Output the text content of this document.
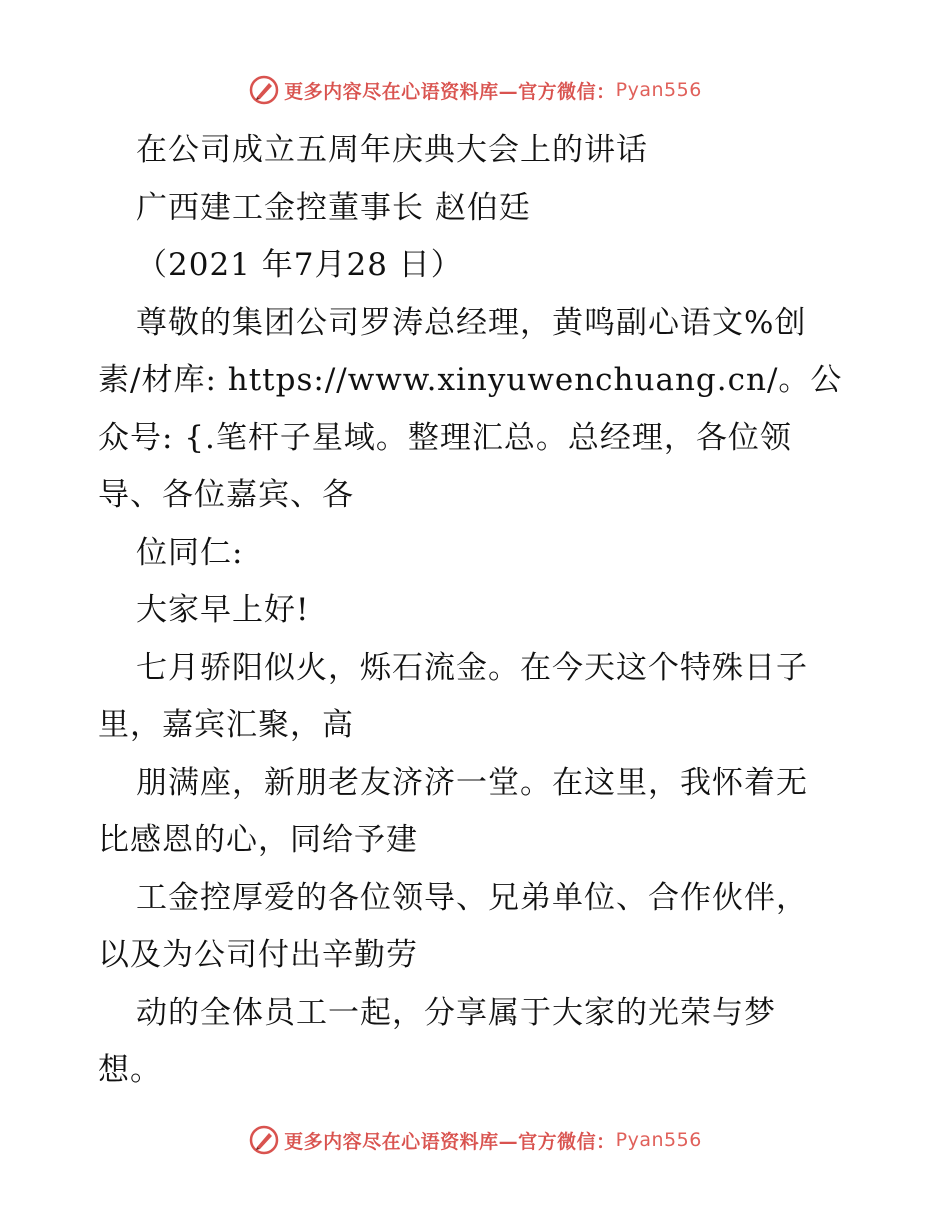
更多内容尽在心语资料库—官方微信： Pyan556
在公司成立五周年庆典大会上的讲话
广西建工金控董事长 赵伯廷
（2021 年7月28 日）
尊敬的集团公司罗涛总经理，黄鸣副心语文%创
素/材库: https://www.xinyuwenchuang.cn/。公
众号: {.笔杆子星域。整理汇总。总经理，各位领
导、各位嘉宾、各
位同仁:
大家早上好!
七月骄阳似火，烁石流金。在今天这个特殊日子
里，嘉宾汇聚，高
朋满座，新朋老友济济一堂。在这里，我怀着无
比感恩的心，同给予建
工金控厚爱的各位领导、兄弟单位、合作伙伴，
以及为公司付出辛勤劳
动的全体员工一起，分享属于大家的光荣与梦
想。
更多内容尽在心语资料库—官方微信： Pyan556
